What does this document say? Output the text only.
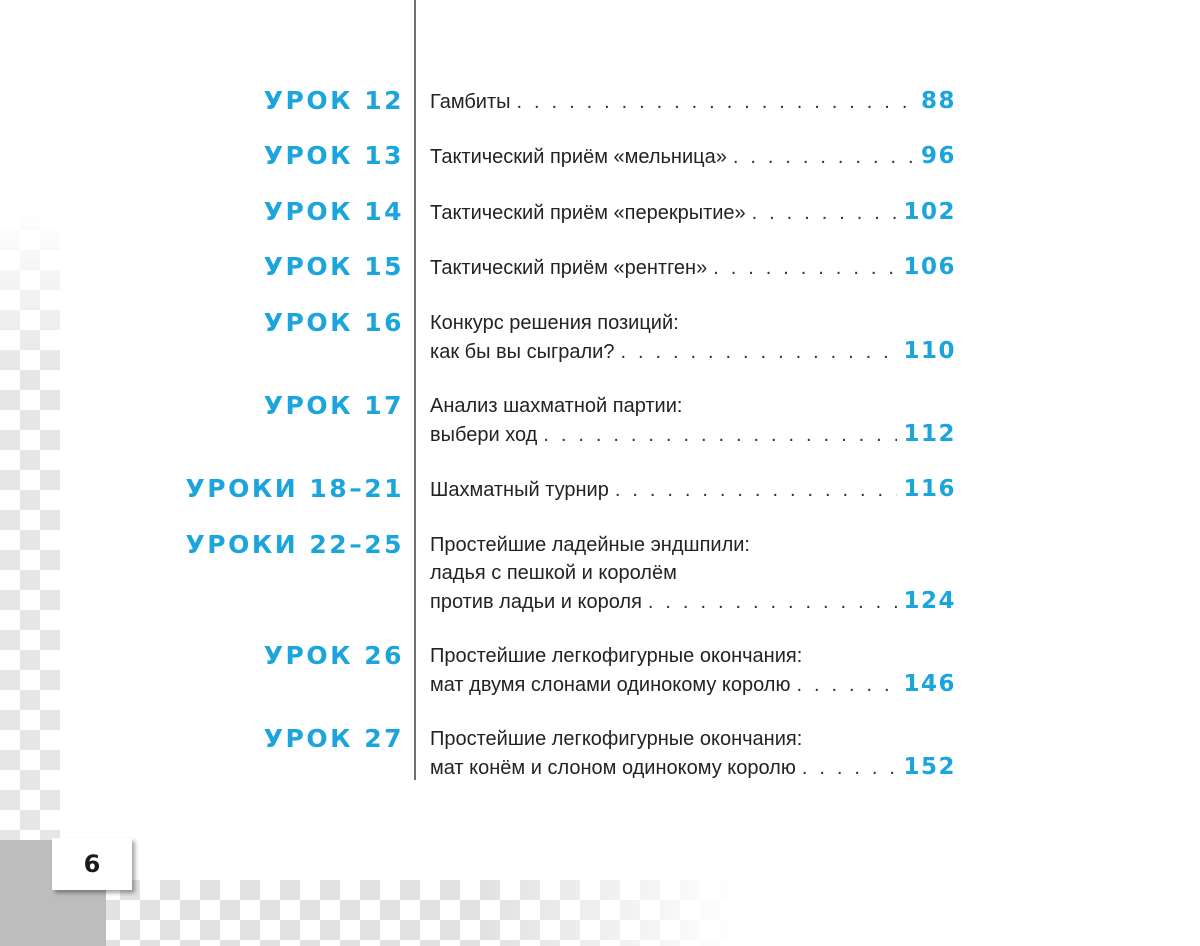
6
УРОК 12 Гамбиты . . .	88
УРОК 13 Тактический приём «мельница» . . .	96
УРОК 14 Тактический приём «перекрытие» . . .	102
УРОК 15 Тактический приём «рентген» . . .	106
УРОК 16 Конкурс решения позиций:
как бы вы сыграли? . . .	110
УРОК 17 Анализ шахматной партии:
выбери ход . . .	112
УРОКИ 18–21 Шахматный турнир . . .	116
УРОКИ 22–25 Простейшие ладейные эндшпили:
ладья с пешкой и королём
против ладьи и короля . . .	124
УРОК 26 Простейшие легкофигурные окончания:
мат двумя слонами одинокому королю . . .	146
УРОК 27 Простейшие легкофигурные окончания:
мат конём и слоном одинокому королю . . .	152
